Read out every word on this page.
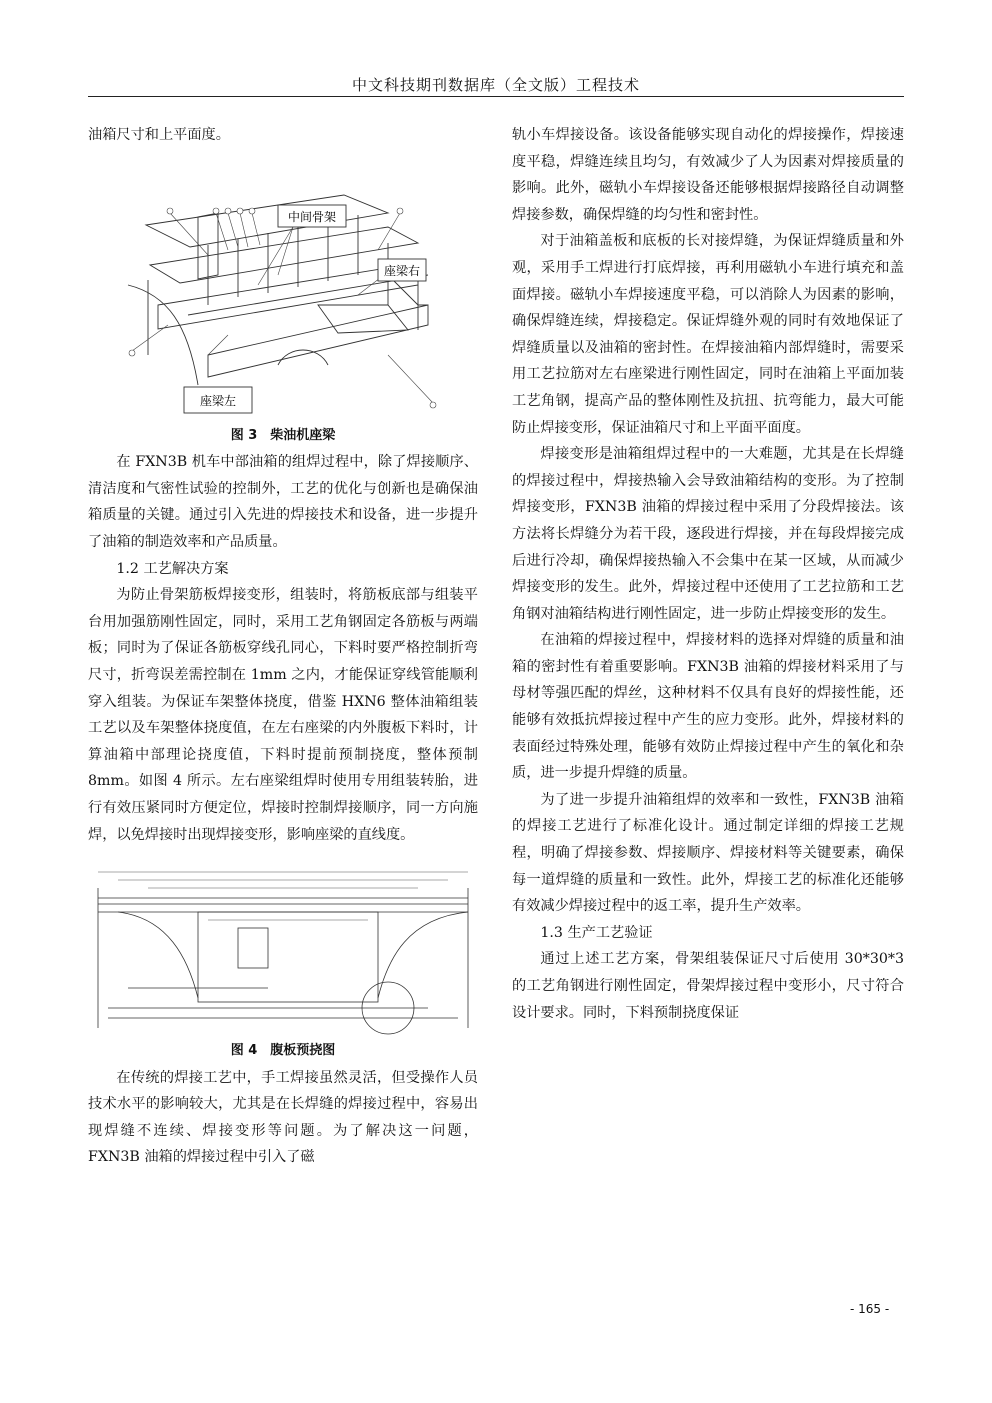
中文科技期刊数据库（全文版）工程技术

油箱尺寸和上平面度。

中间骨架
座梁右
座梁左

图 3　柴油机座梁

在 FXN3B 机车中部油箱的组焊过程中，除了焊接顺序、清洁度和气密性试验的控制外，工艺的优化与创新也是确保油箱质量的关键。通过引入先进的焊接技术和设备，进一步提升了油箱的制造效率和产品质量。

1.2 工艺解决方案

为防止骨架筋板焊接变形，组装时，将筋板底部与组装平台用加强筋刚性固定，同时，采用工艺角钢固定各筋板与两端板；同时为了保证各筋板穿线孔同心，下料时要严格控制折弯尺寸，折弯误差需控制在 1mm 之内，才能保证穿线管能顺利穿入组装。为保证车架整体挠度，借鉴 HXN6 整体油箱组装工艺以及车架整体挠度值，在左右座梁的内外腹板下料时，计算油箱中部理论挠度值，下料时提前预制挠度，整体预制 8mm。如图 4 所示。左右座梁组焊时使用专用组装转胎，进行有效压紧同时方便定位，焊接时控制焊接顺序，同一方向施焊，以免焊接时出现焊接变形，影响座梁的直线度。

图 4　腹板预挠图

在传统的焊接工艺中，手工焊接虽然灵活，但受操作人员技术水平的影响较大，尤其是在长焊缝的焊接过程中，容易出现焊缝不连续、焊接变形等问题。为了解决这一问题，FXN3B 油箱的焊接过程中引入了磁

轨小车焊接设备。该设备能够实现自动化的焊接操作，焊接速度平稳，焊缝连续且均匀，有效减少了人为因素对焊接质量的影响。此外，磁轨小车焊接设备还能够根据焊接路径自动调整焊接参数，确保焊缝的均匀性和密封性。

对于油箱盖板和底板的长对接焊缝，为保证焊缝质量和外观，采用手工焊进行打底焊接，再利用磁轨小车进行填充和盖面焊接。磁轨小车焊接速度平稳，可以消除人为因素的影响，确保焊缝连续，焊接稳定。保证焊缝外观的同时有效地保证了焊缝质量以及油箱的密封性。在焊接油箱内部焊缝时，需要采用工艺拉筋对左右座梁进行刚性固定，同时在油箱上平面加装工艺角钢，提高产品的整体刚性及抗扭、抗弯能力，最大可能防止焊接变形，保证油箱尺寸和上平面平面度。

焊接变形是油箱组焊过程中的一大难题，尤其是在长焊缝的焊接过程中，焊接热输入会导致油箱结构的变形。为了控制焊接变形，FXN3B 油箱的焊接过程中采用了分段焊接法。该方法将长焊缝分为若干段，逐段进行焊接，并在每段焊接完成后进行冷却，确保焊接热输入不会集中在某一区域，从而减少焊接变形的发生。此外，焊接过程中还使用了工艺拉筋和工艺角钢对油箱结构进行刚性固定，进一步防止焊接变形的发生。

在油箱的焊接过程中，焊接材料的选择对焊缝的质量和油箱的密封性有着重要影响。FXN3B 油箱的焊接材料采用了与母材等强匹配的焊丝，这种材料不仅具有良好的焊接性能，还能够有效抵抗焊接过程中产生的应力变形。此外，焊接材料的表面经过特殊处理，能够有效防止焊接过程中产生的氧化和杂质，进一步提升焊缝的质量。

为了进一步提升油箱组焊的效率和一致性，FXN3B 油箱的焊接工艺进行了标准化设计。通过制定详细的焊接工艺规程，明确了焊接参数、焊接顺序、焊接材料等关键要素，确保每一道焊缝的质量和一致性。此外，焊接工艺的标准化还能够有效减少焊接过程中的返工率，提升生产效率。

1.3 生产工艺验证

通过上述工艺方案，骨架组装保证尺寸后使用 30*30*3 的工艺角钢进行刚性固定，骨架焊接过程中变形小，尺寸符合设计要求。同时，下料预制挠度保证

- 165 -
